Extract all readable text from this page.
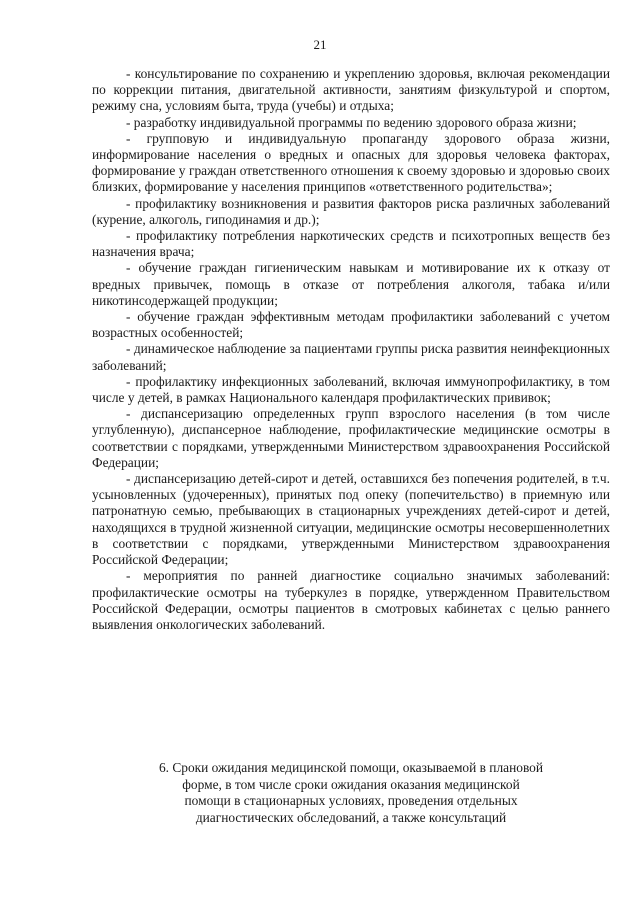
21

- консультирование по сохранению и укреплению здоровья, включая рекомендации по коррекции питания, двигательной активности, занятиям физкультурой и спортом, режиму сна, условиям быта, труда (учебы) и отдыха;

- разработку индивидуальной программы по ведению здорового образа жизни;

- групповую и индивидуальную пропаганду здорового образа жизни, информирование населения о вредных и опасных для здоровья человека факторах, формирование у граждан ответственного отношения к своему здоровью и здоровью своих близких, формирование у населения принципов «ответственного родительства»;

- профилактику возникновения и развития факторов риска различных заболеваний (курение, алкоголь, гиподинамия и др.);

- профилактику потребления наркотических средств и психотропных веществ без назначения врача;

- обучение граждан гигиеническим навыкам и мотивирование их к отказу от вредных привычек, помощь в отказе от потребления алкоголя, табака и/или никотинсодержащей продукции;

- обучение граждан эффективным методам профилактики заболеваний с учетом возрастных особенностей;

- динамическое наблюдение за пациентами группы риска развития неинфекционных заболеваний;

- профилактику инфекционных заболеваний, включая иммунопрофилактику, в том числе у детей, в рамках Национального календаря профилактических прививок;

- диспансеризацию определенных групп взрослого населения (в том числе углубленную), диспансерное наблюдение, профилактические медицинские осмотры в соответствии с порядками, утвержденными Министерством здравоохранения Российской Федерации;

- диспансеризацию детей-сирот и детей, оставшихся без попечения родителей, в т.ч. усыновленных (удочеренных), принятых под опеку (попечительство) в приемную или патронатную семью, пребывающих в стационарных учреждениях детей-сирот и детей, находящихся в трудной жизненной ситуации, медицинские осмотры несовершеннолетних в соответствии с порядками, утвержденными Министерством здравоохранения Российской Федерации;

- мероприятия по ранней диагностике социально значимых заболеваний: профилактические осмотры на туберкулез в порядке, утвержденном Правительством Российской Федерации, осмотры пациентов в смотровых кабинетах с целью раннего выявления онкологических заболеваний.

6. Сроки ожидания медицинской помощи, оказываемой в плановой
форме, в том числе сроки ожидания оказания медицинской
помощи в стационарных условиях, проведения отдельных
диагностических обследований, а также консультаций
